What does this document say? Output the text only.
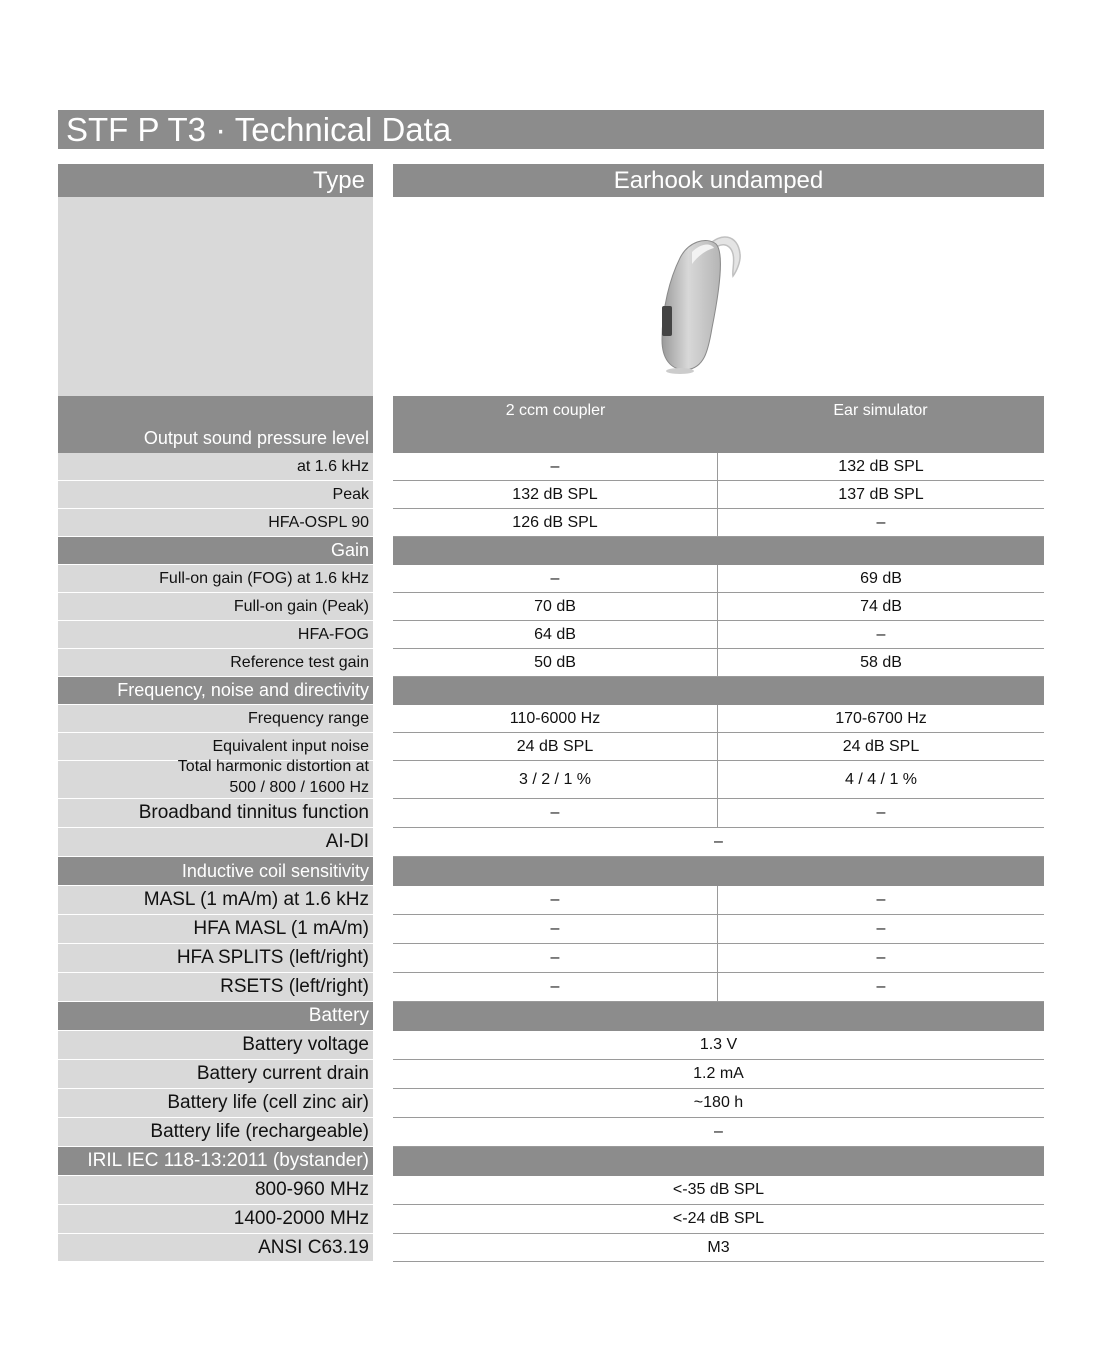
STF P T3 · Technical Data
Type	Earhook undamped
Output sound pressure level
2 ccm coupler	Ear simulator
at 1.6 kHz	–	132 dB SPL
Peak	132 dB SPL	137 dB SPL
HFA-OSPL 90	126 dB SPL	–
Gain
Full-on gain (FOG) at 1.6 kHz	–	69 dB
Full-on gain (Peak)	70 dB	74 dB
HFA-FOG	64 dB	–
Reference test gain	50 dB	58 dB
Frequency, noise and directivity
Frequency range	110-6000 Hz	170-6700 Hz
Equivalent input noise	24 dB SPL	24 dB SPL
Total harmonic distortion at
500 / 800 / 1600 Hz	3 / 2 / 1 %	4 / 4 / 1 %
Broadband tinnitus function	–	–
AI-DI	–
Inductive coil sensitivity
MASL (1 mA/m) at 1.6 kHz	–	–
HFA MASL (1 mA/m)	–	–
HFA SPLITS (left/right)	–	–
RSETS (left/right)	–	–
Battery
Battery voltage	1.3 V
Battery current drain	1.2 mA
Battery life (cell zinc air)	~180 h
Battery life (rechargeable)	–
IRIL IEC 118-13:2011 (bystander)
800-960 MHz	<-35 dB SPL
1400-2000 MHz	<-24 dB SPL
ANSI C63.19	M3
